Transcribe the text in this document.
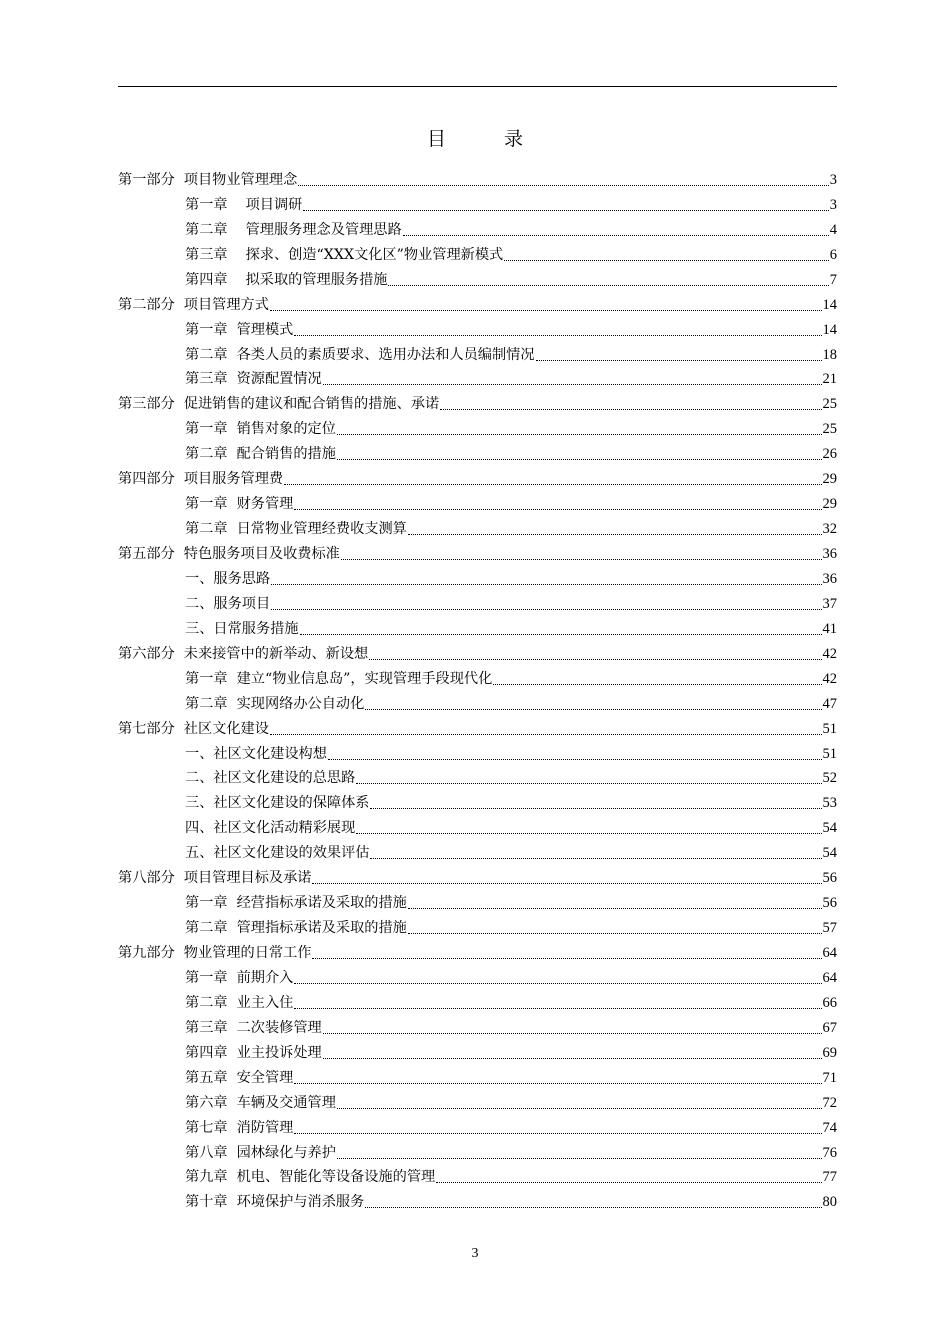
目 录
第一部分  项目物业管理理念	3
第一章    项目调研	3
第二章    管理服务理念及管理思路	4
第三章    探求、创造“XXX文化区”物业管理新模式	6
第四章    拟采取的管理服务措施	7
第二部分  项目管理方式	14
第一章  管理模式	14
第二章  各类人员的素质要求、选用办法和人员编制情况	18
第三章  资源配置情况	21
第三部分  促进销售的建议和配合销售的措施、承诺	25
第一章  销售对象的定位	25
第二章  配合销售的措施	26
第四部分  项目服务管理费	29
第一章  财务管理	29
第二章  日常物业管理经费收支测算	32
第五部分  特色服务项目及收费标准	36
一、服务思路	36
二、服务项目	37
三、日常服务措施	41
第六部分  未来接管中的新举动、新设想	42
第一章  建立“物业信息岛”，实现管理手段现代化	42
第二章  实现网络办公自动化	47
第七部分  社区文化建设	51
一、社区文化建设构想	51
二、社区文化建设的总思路	52
三、社区文化建设的保障体系	53
四、社区文化活动精彩展现	54
五、社区文化建设的效果评估	54
第八部分  项目管理目标及承诺	56
第一章  经营指标承诺及采取的措施	56
第二章  管理指标承诺及采取的措施	57
第九部分  物业管理的日常工作	64
第一章  前期介入	64
第二章  业主入住	66
第三章  二次装修管理	67
第四章  业主投诉处理	69
第五章  安全管理	71
第六章  车辆及交通管理	72
第七章  消防管理	74
第八章  园林绿化与养护	76
第九章  机电、智能化等设备设施的管理	77
第十章  环境保护与消杀服务	80
3
